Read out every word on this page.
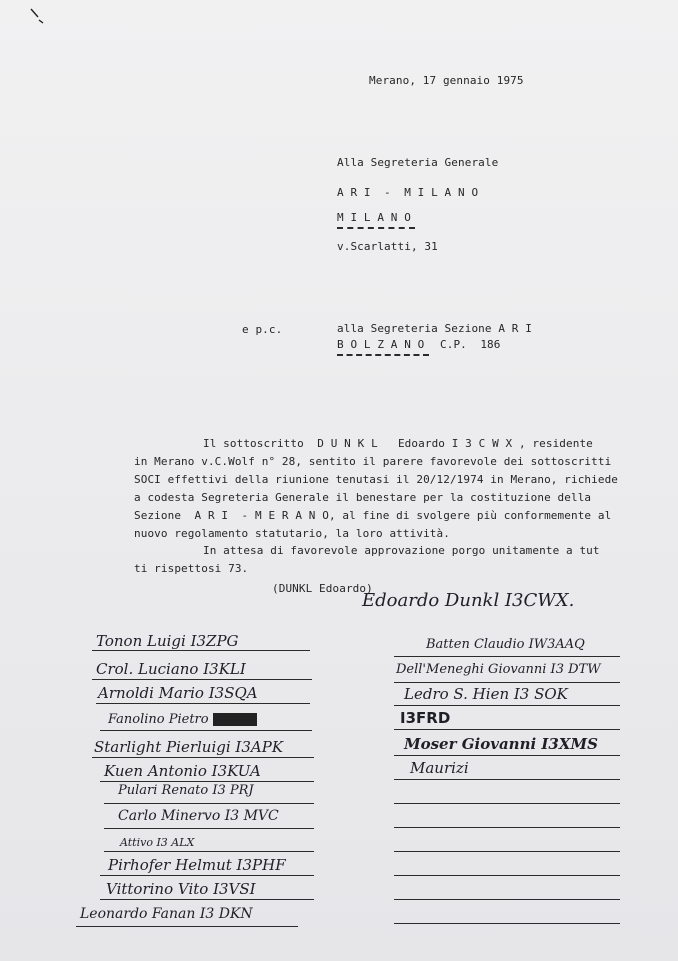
Merano, 17 gennaio 1975
Alla Segreteria Generale
A R I  -  M I L A N O
M I L A N O
v.Scarlatti, 31
e p.c.	alla Segreteria Sezione A R I
B O L Z A N O C.P.  186
Il sottoscritto  D U N K L   Edoardo I 3 C W X , residente
in Merano v.C.Wolf n° 28, sentito il parere favorevole dei sottoscritti
SOCI effettivi della riunione tenutasi il 20/12/1974 in Merano, richiede
a codesta Segreteria Generale il benestare per la costituzione della
Sezione  A R I  - M E R A N O, al fine di svolgere più conformemente al
nuovo regolamento statutario, la loro attività.
In attesa di favorevole approvazione porgo unitamente a tut
ti rispettosi 73.
(DUNKL Edoardo)
Edoardo Dunkl I3CWX.
Tonon Luigi I3ZPG
Crol. Luciano I3KLI
Arnoldi Mario I3SQA
Fanolino Pietro
Starlight Pierluigi I3APK
Kuen Antonio I3KUA
Pulari Renato I3 PRJ
Carlo Minervo I3 MVC
Attivo I3 ALX
Pirhofer Helmut I3PHF
Vittorino Vito I3VSI
Leonardo Fanan I3 DKN
Batten Claudio IW3AAQ
Dell'Meneghi Giovanni I3 DTW
Ledro S. Hien I3 SOK
I3FRD
Moser Giovanni I3XMS
Maurizi
